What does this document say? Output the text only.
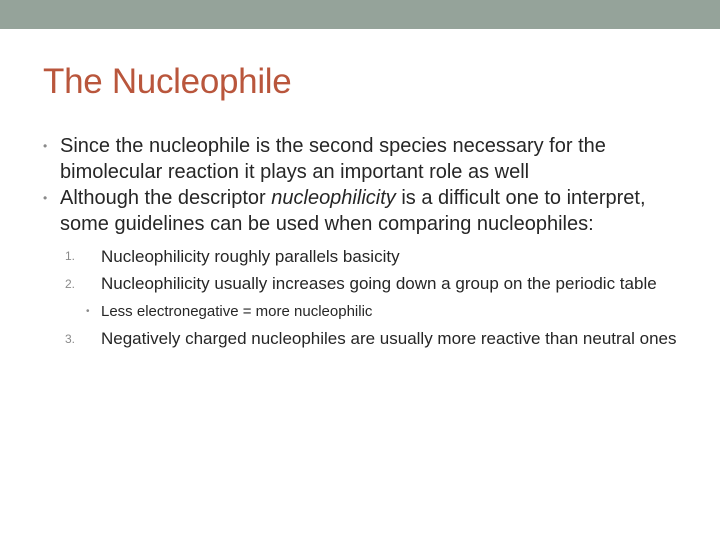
The Nucleophile
• Since the nucleophile is the second species necessary for the bimolecular reaction it plays an important role as well
• Although the descriptor nucleophilicity is a difficult one to interpret, some guidelines can be used when comparing nucleophiles:
1. Nucleophilicity roughly parallels basicity
2. Nucleophilicity usually increases going down a group on the periodic table
• Less electronegative = more nucleophilic
3. Negatively charged nucleophiles are usually more reactive than neutral ones
